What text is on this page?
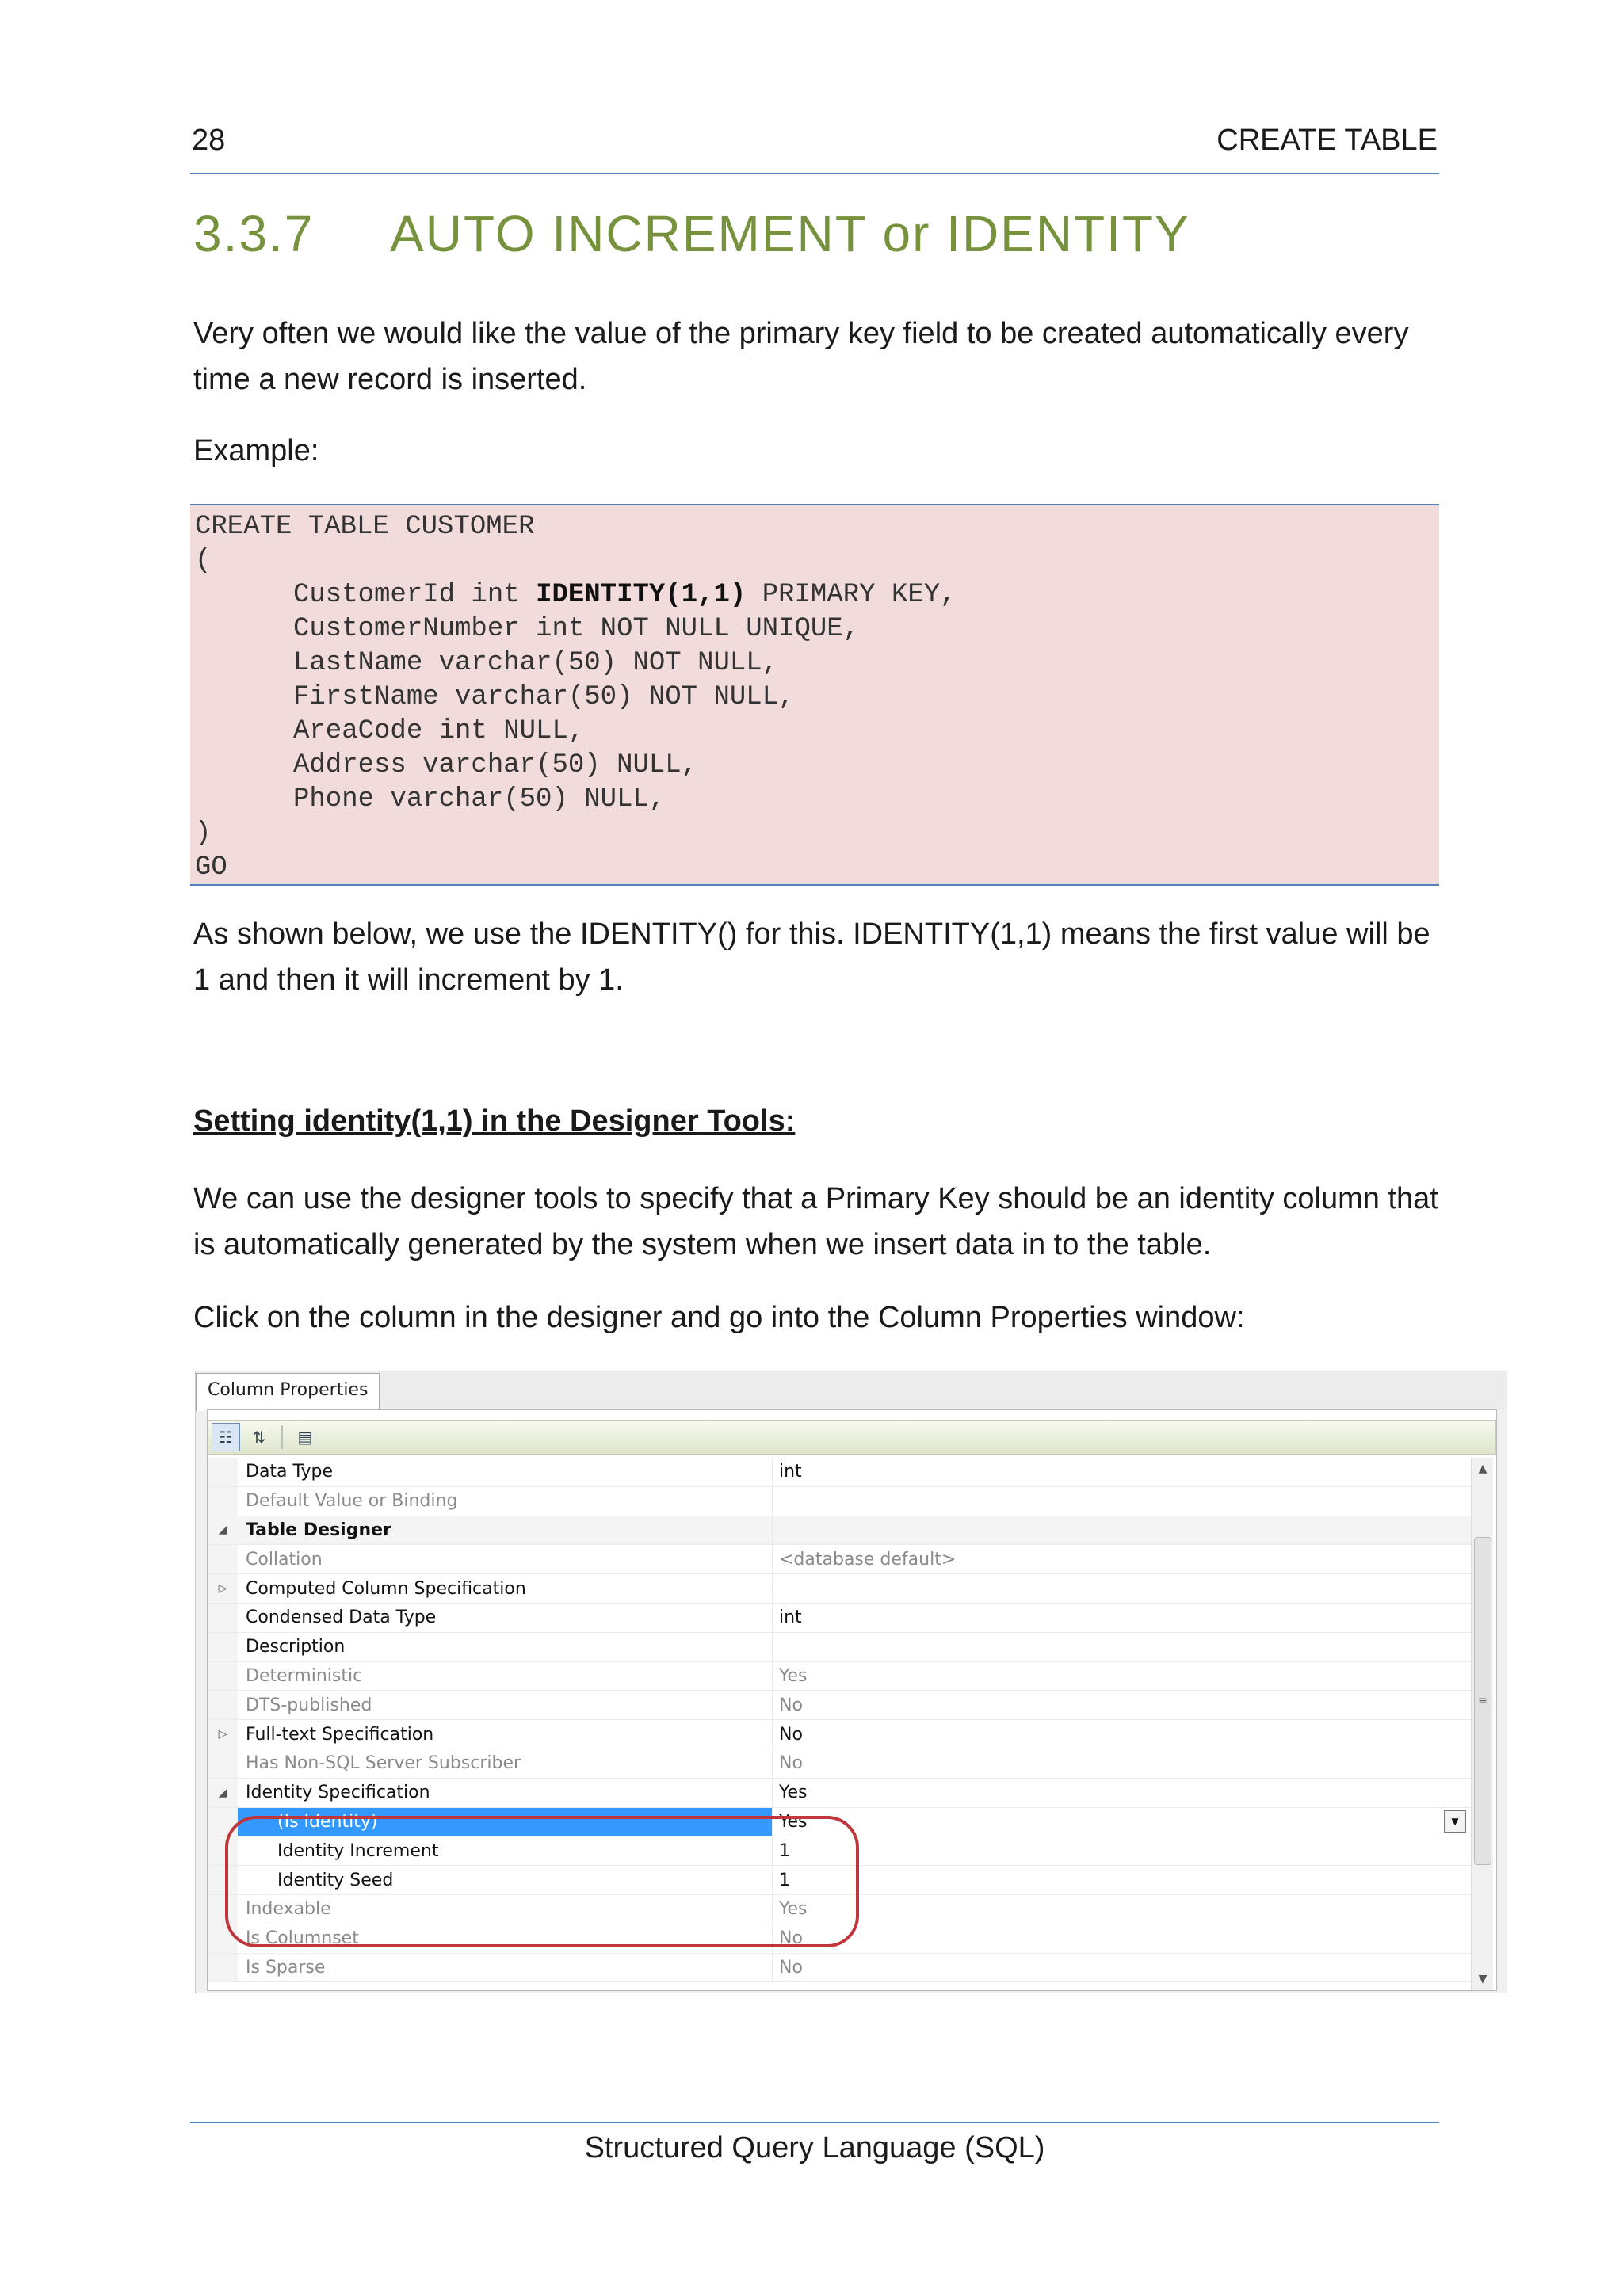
28	CREATE TABLE
3.3.7	AUTO INCREMENT or IDENTITY

Very often we would like the value of the primary key field to be created automatically every time a new record is inserted.

Example:

CREATE TABLE CUSTOMER
(
CustomerId int IDENTITY(1,1) PRIMARY KEY,
CustomerNumber int NOT NULL UNIQUE,
LastName varchar(50) NOT NULL,
FirstName varchar(50) NOT NULL,
AreaCode int NULL,
Address varchar(50) NULL,
Phone varchar(50) NULL,
)
GO

As shown below, we use the IDENTITY() for this. IDENTITY(1,1) means the first value will be 1 and then it will increment by 1.

Setting identity(1,1) in the Designer Tools:

We can use the designer tools to specify that a Primary Key should be an identity column that is automatically generated by the system when we insert data in to the table.

Click on the column in the designer and go into the Column Properties window:

Column Properties
☷	⇅	▤
Data Type	int
Default Value or Binding
◢	Table Designer
Collation	<database default>
▷	Computed Column Specification
Condensed Data Type	int
Description
Deterministic	Yes
DTS-published	No
▷	Full-text Specification	No
Has Non-SQL Server Subscriber	No
◢	Identity Specification	Yes
(Is Identity)	Yes	▼
Identity Increment	1
Identity Seed	1
Indexable	Yes
Is Columnset	No
Is Sparse	No
▲
≡
▼
Structured Query Language (SQL)
